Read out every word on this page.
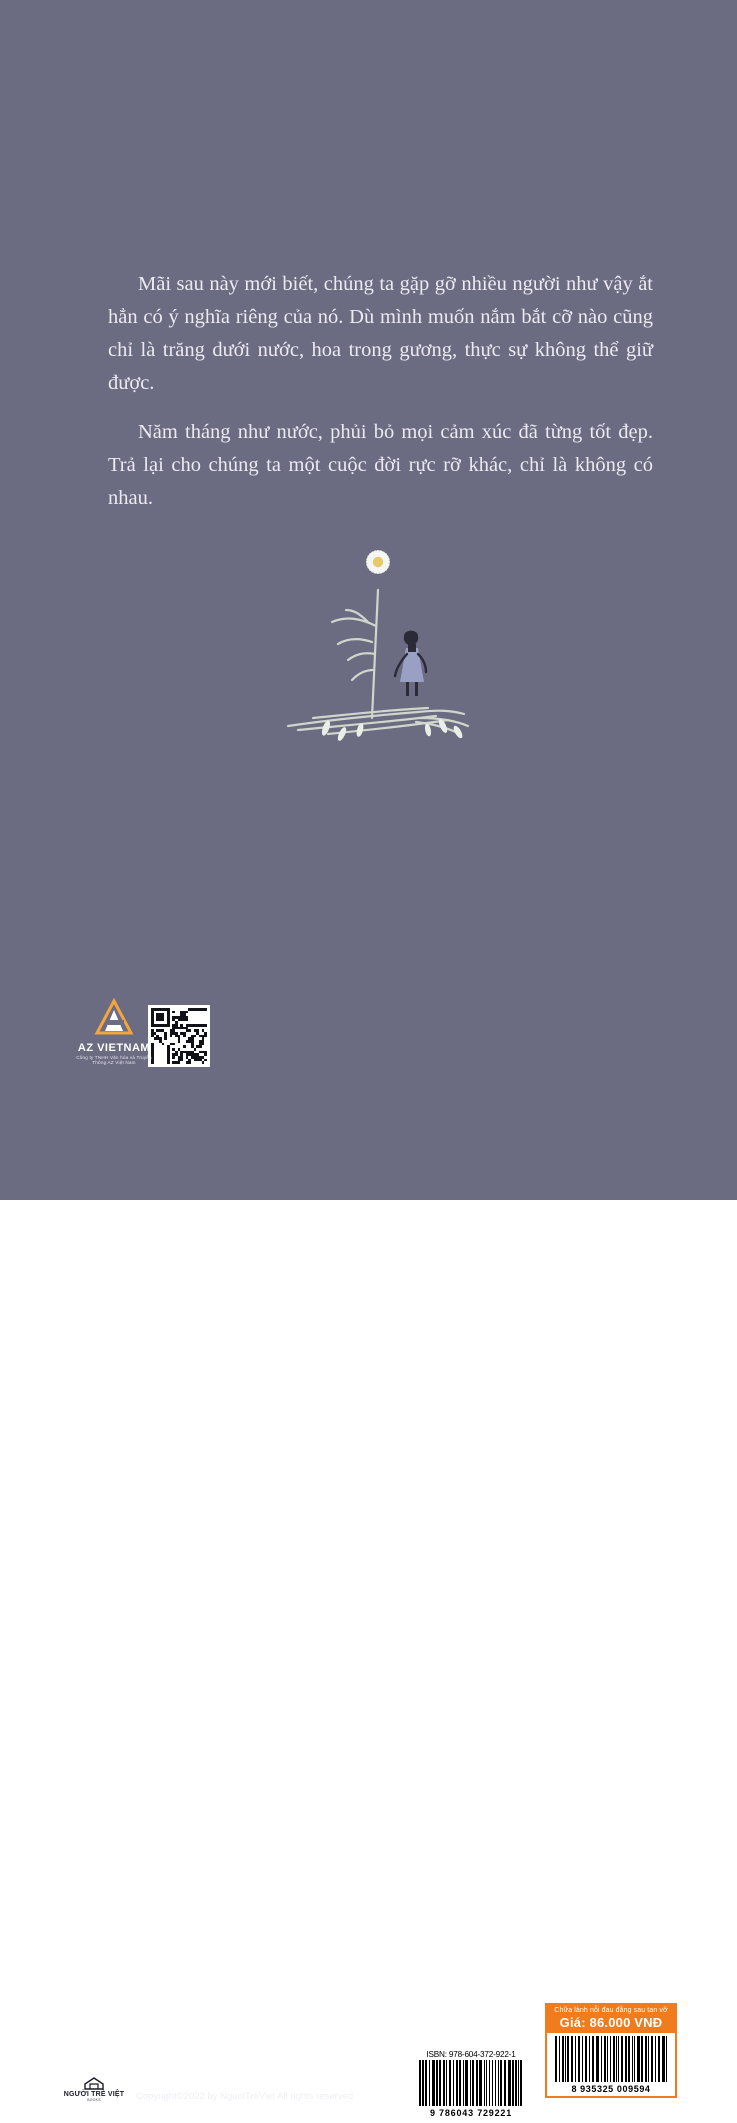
Mãi sau này mới biết, chúng ta gặp gỡ nhiều người như vậy ắt hẳn có ý nghĩa riêng của nó. Dù mình muốn nắm bắt cỡ nào cũng chỉ là trăng dưới nước, hoa trong gương, thực sự không thể giữ được.

Năm tháng như nước, phủi bỏ mọi cảm xúc đã từng tốt đẹp. Trả lại cho chúng ta một cuộc đời rực rỡ khác, chỉ là không có nhau.

AZ VIETNAM
Công ty TNHH Văn hóa và Truyền Thông AZ Việt Nam
NGƯỜI TRẺ VIỆT
BOOKS
CHỮA LÀNH NỖI ĐAU ĐẰNG SAU TAN VỠ
Copyright©2022 by NguoiTreViet All rights reserved
ISBN: 978-604-372-922-1
9 786043 729221
Chữa lành nỗi đau đằng sau tan vỡ
Giá: 86.000 VNĐ
8 935325 009594
